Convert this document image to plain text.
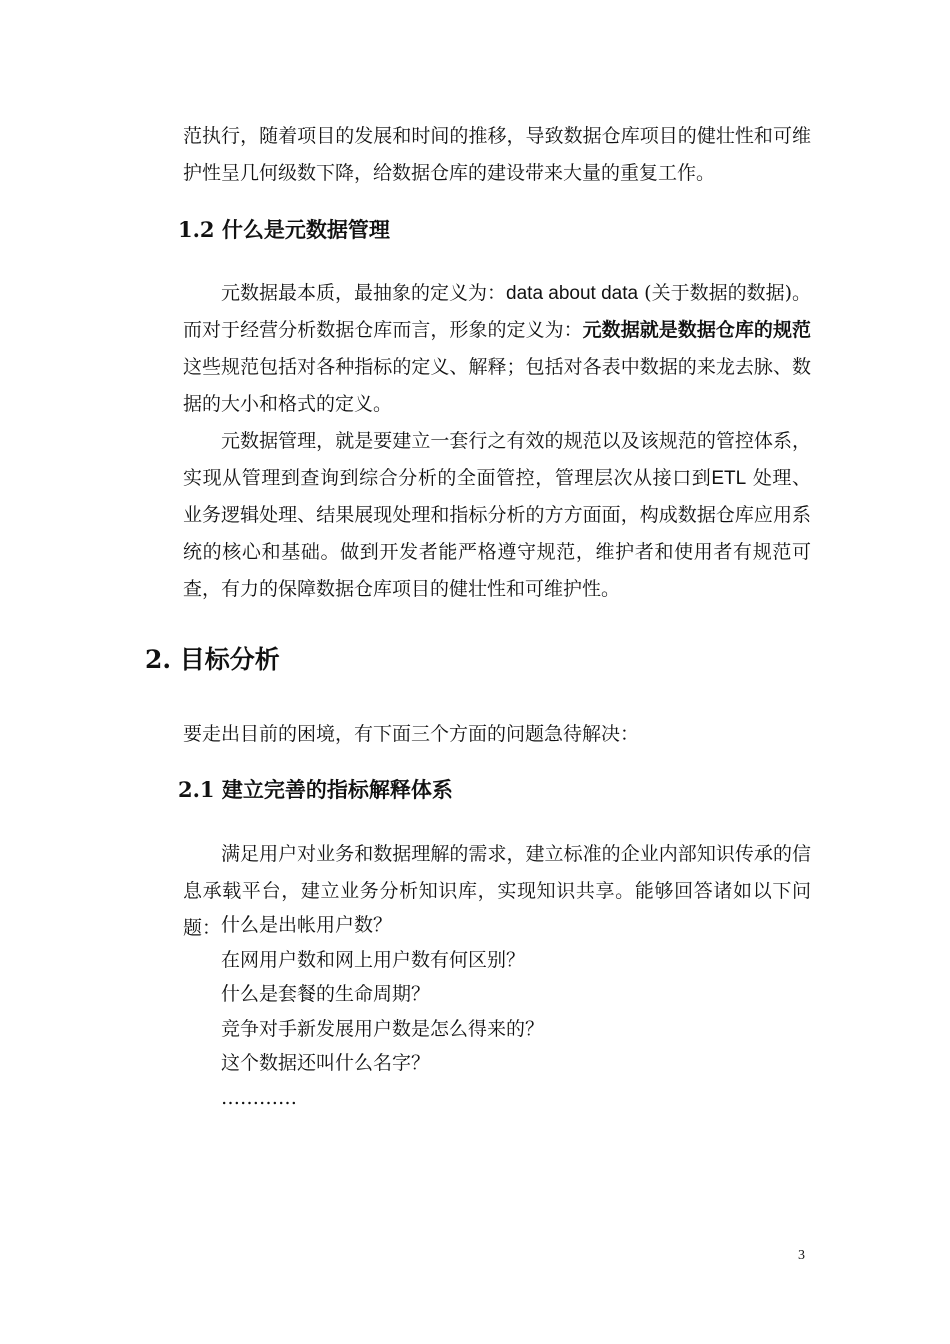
范执行，随着项目的发展和时间的推移，导致数据仓库项目的健壮性和可维护性呈几何级数下降，给数据仓库的建设带来大量的重复工作。

1.2 什么是元数据管理

元数据最本质，最抽象的定义为：data about data (关于数据的数据)。而对于经营分析数据仓库而言，形象的定义为：元数据就是数据仓库的规范这些规范包括对各种指标的定义、解释；包括对各表中数据的来龙去脉、数据的大小和格式的定义。

元数据管理，就是要建立一套行之有效的规范以及该规范的管控体系，实现从管理到查询到综合分析的全面管控，管理层次从接口到ETL 处理、业务逻辑处理、结果展现处理和指标分析的方方面面，构成数据仓库应用系统的核心和基础。做到开发者能严格遵守规范，维护者和使用者有规范可查，有力的保障数据仓库项目的健壮性和可维护性。

2. 目标分析

要走出目前的困境，有下面三个方面的问题急待解决：

2.1 建立完善的指标解释体系

满足用户对业务和数据理解的需求，建立标准的企业内部知识传承的信息承载平台，建立业务分析知识库，实现知识共享。能够回答诸如以下问题： 什么是出帐用户数？
在网用户数和网上用户数有何区别？
什么是套餐的生命周期？
竞争对手新发展用户数是怎么得来的？
这个数据还叫什么名字？
…………
3
